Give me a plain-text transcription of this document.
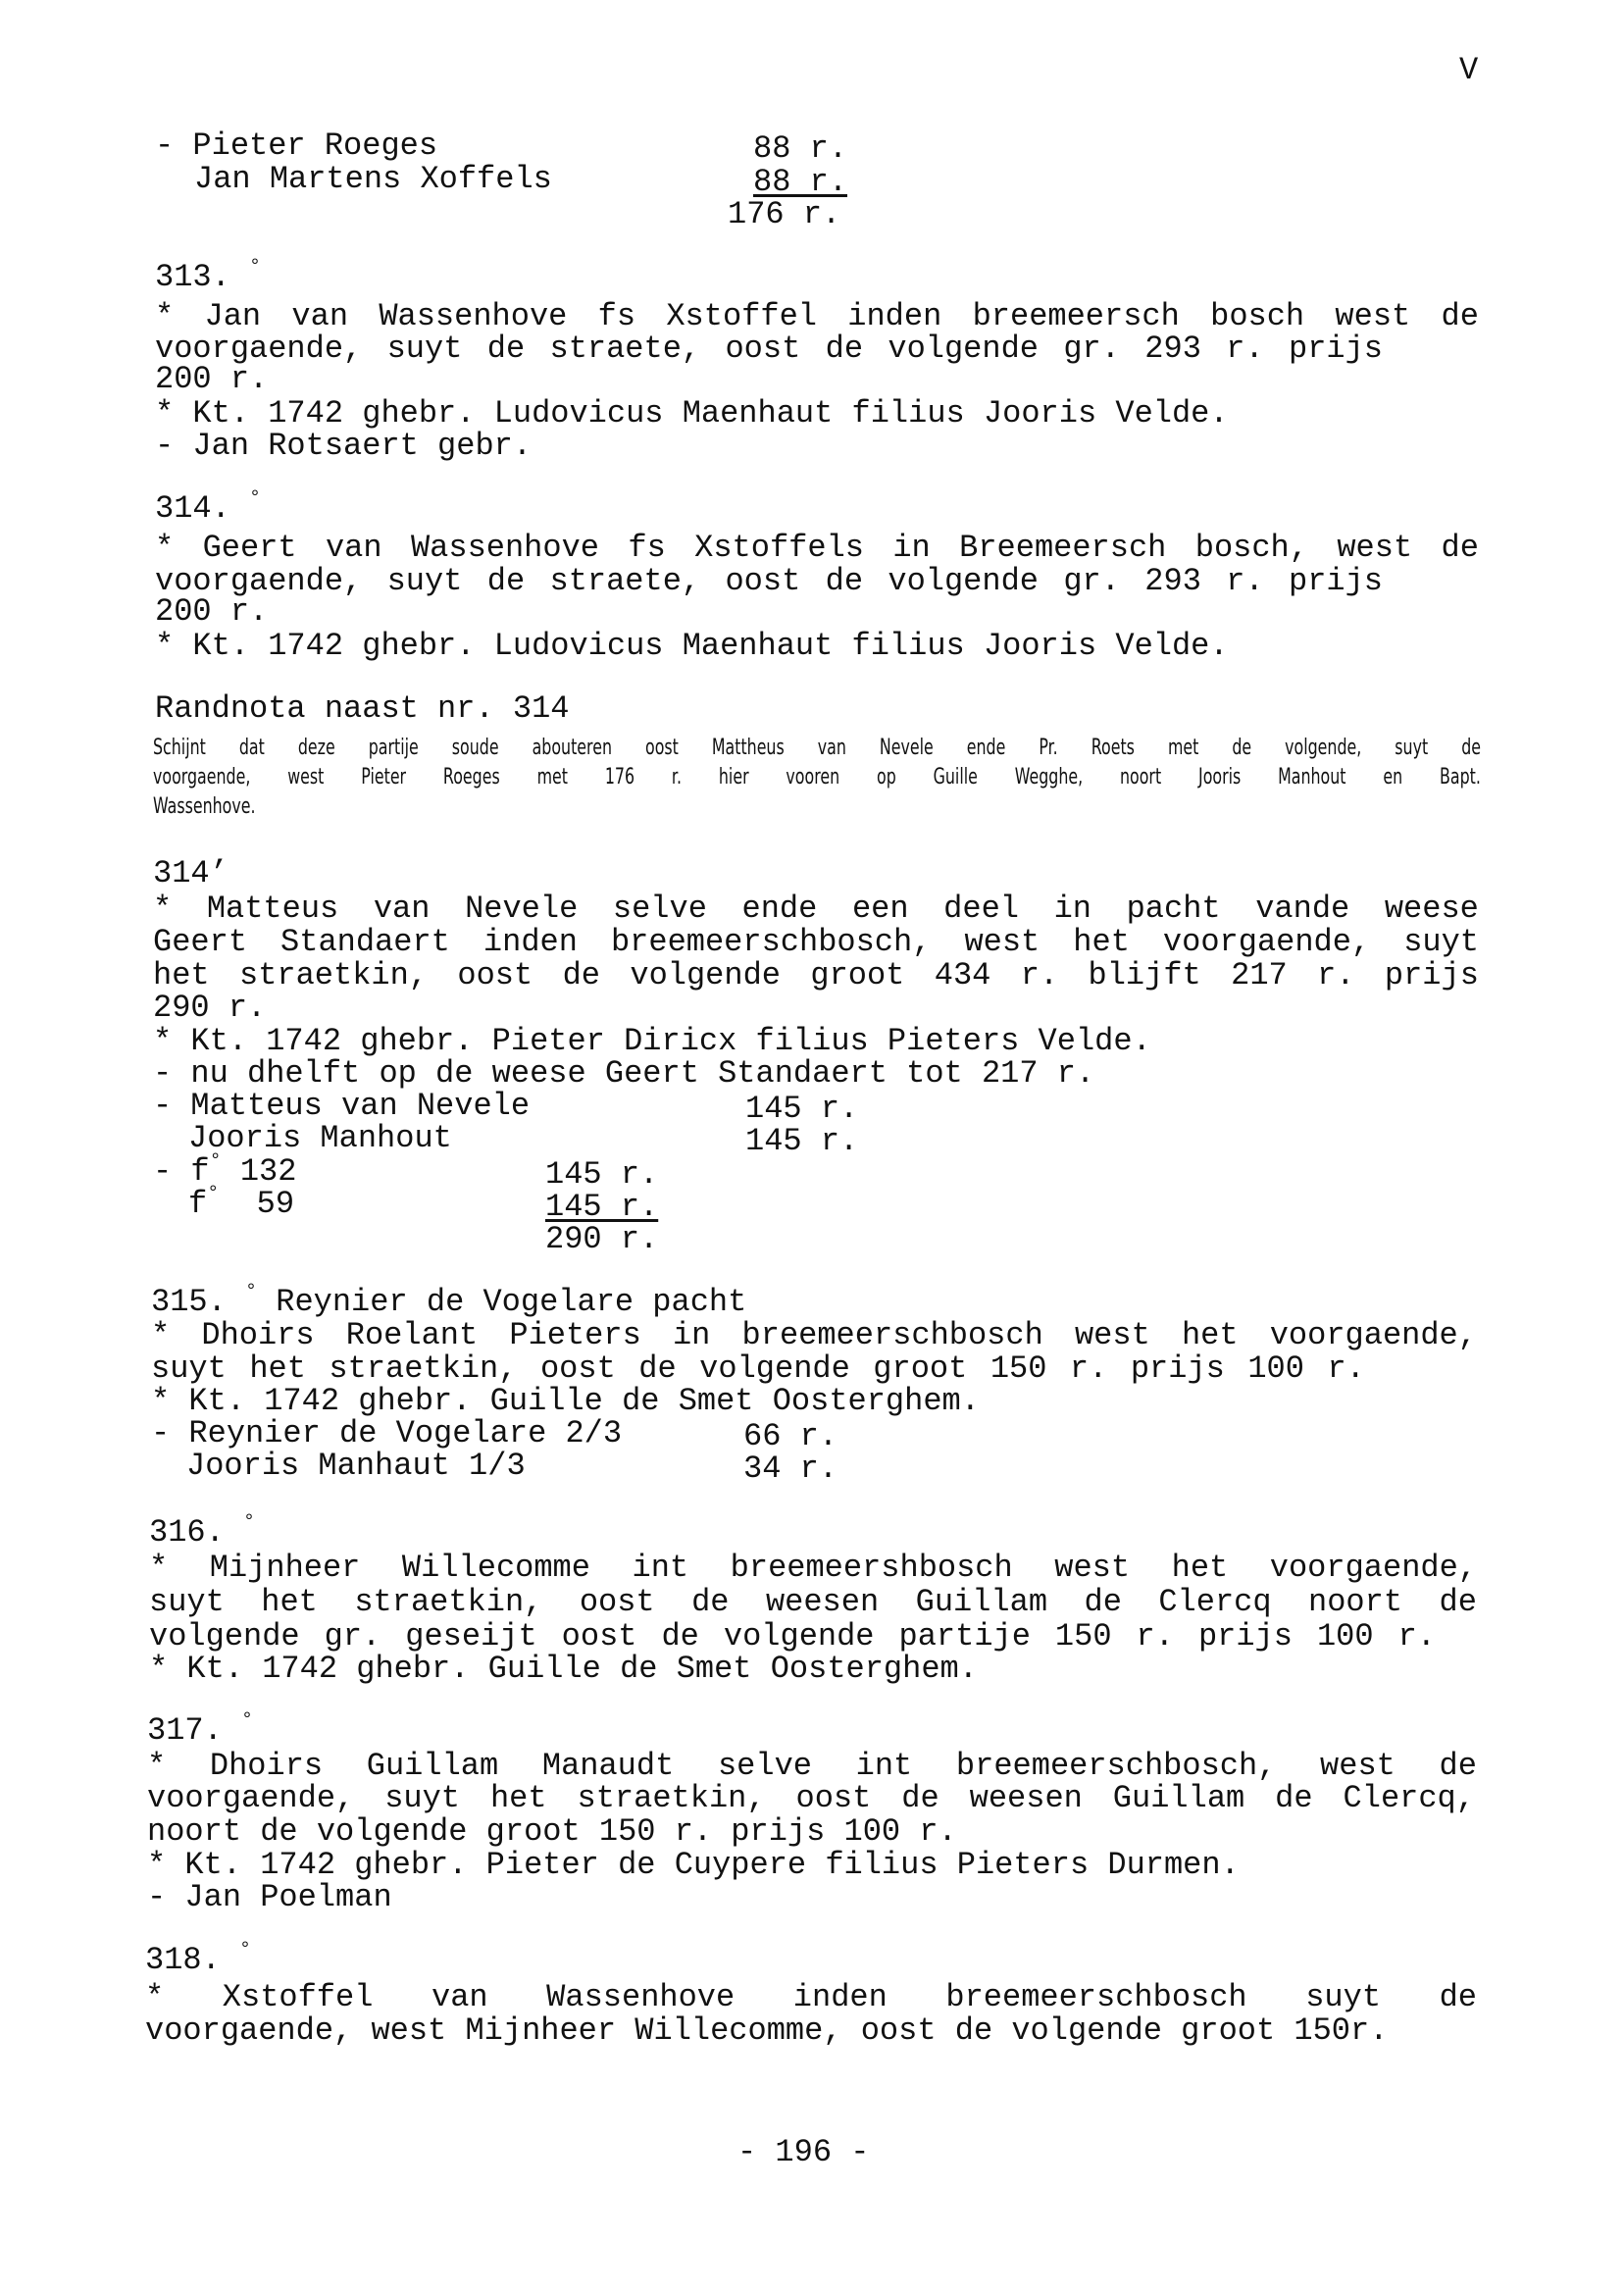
V
- Pieter Roeges	88 r.
Jan Martens Xoffels	88 r.
176 r.
313. °
* Jan van Wassenhove fs Xstoffel inden breemeersch bosch west de
voorgaende, suyt de straete, oost de volgende gr. 293 r. prijs
200 r.
* Kt. 1742 ghebr. Ludovicus Maenhaut filius Jooris Velde.
- Jan Rotsaert gebr.
314. °
* Geert van Wassenhove fs Xstoffels in Breemeersch bosch, west de
voorgaende, suyt de straete, oost de volgende gr. 293 r. prijs
200 r.
* Kt. 1742 ghebr. Ludovicus Maenhaut filius Jooris Velde.
Randnota naast nr. 314
Schijnt dat deze partije soude abouteren oost Mattheus van Nevele ende Pr. Roets met de volgende, suyt de
voorgaende, west Pieter Roeges met 176 r. hier vooren op Guille Wegghe, noort Jooris Manhout en Bapt.
Wassenhove.
314’
* Matteus van Nevele selve ende een deel in pacht vande weese
Geert Standaert inden breemeerschbosch, west het voorgaende, suyt
het straetkin, oost de volgende groot 434 r. blijft 217 r. prijs
290 r.
* Kt. 1742 ghebr. Pieter Diricx filius Pieters Velde.
- nu dhelft op de weese Geert Standaert tot 217 r.
- Matteus van Nevele	145 r.
Jooris Manhout	145 r.
- f° 132	145 r.
f° 59	145 r.
290 r.
315. ° Reynier de Vogelare pacht
* Dhoirs Roelant Pieters in breemeerschbosch west het voorgaende,
suyt het straetkin, oost de volgende groot 150 r. prijs 100 r.
* Kt. 1742 ghebr. Guille de Smet Oosterghem.
- Reynier de Vogelare 2/3	66 r.
Jooris Manhaut 1/3	34 r.
316. °
* Mijnheer Willecomme int breemeershbosch west het voorgaende,
suyt het straetkin, oost de weesen Guillam de Clercq noort de
volgende gr. geseijt oost de volgende partije 150 r. prijs 100 r.
* Kt. 1742 ghebr. Guille de Smet Oosterghem.
317. °
* Dhoirs Guillam Manaudt selve int breemeerschbosch, west de
voorgaende, suyt het straetkin, oost de weesen Guillam de Clercq,
noort de volgende groot 150 r. prijs 100 r.
* Kt. 1742 ghebr. Pieter de Cuypere filius Pieters Durmen.
- Jan Poelman
318. °
* Xstoffel van Wassenhove inden breemeerschbosch suyt de
voorgaende, west Mijnheer Willecomme, oost de volgende groot 150r.
- 196 -
